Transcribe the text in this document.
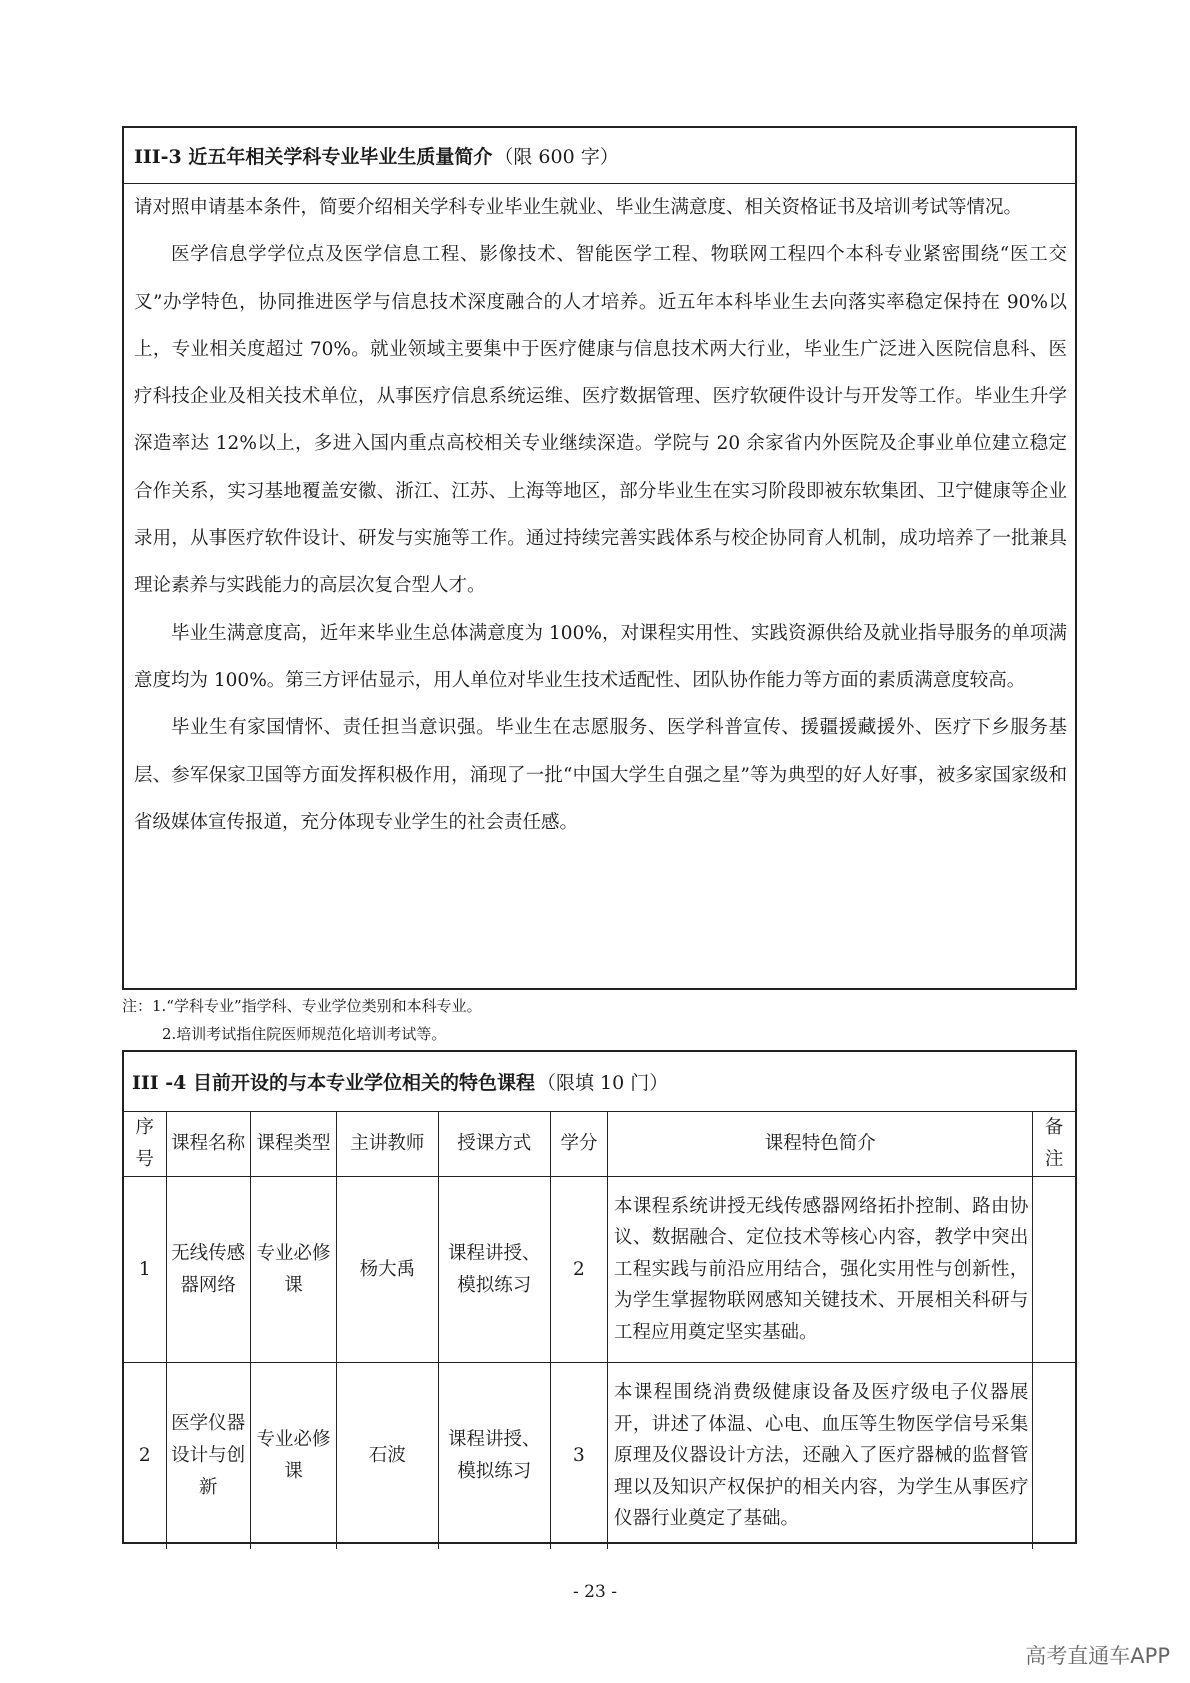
III-3 近五年相关学科专业毕业生质量简介 （限 600 字）

请对照申请基本条件，简要介绍相关学科专业毕业生就业、毕业生满意度、相关资格证书及培训考试等情况。

医学信息学学位点及医学信息工程、影像技术、智能医学工程、物联网工程四个本科专业紧密围绕“医工交叉”办学特色，协同推进医学与信息技术深度融合的人才培养。近五年本科毕业生去向落实率稳定保持在 90%以上，专业相关度超过 70%。就业领域主要集中于医疗健康与信息技术两大行业，毕业生广泛进入医院信息科、医疗科技企业及相关技术单位，从事医疗信息系统运维、医疗数据管理、医疗软硬件设计与开发等工作。毕业生升学深造率达 12%以上，多进入国内重点高校相关专业继续深造。学院与 20 余家省内外医院及企事业单位建立稳定合作关系，实习基地覆盖安徽、浙江、江苏、上海等地区，部分毕业生在实习阶段即被东软集团、卫宁健康等企业录用，从事医疗软件设计、研发与实施等工作。通过持续完善实践体系与校企协同育人机制，成功培养了一批兼具理论素养与实践能力的高层次复合型人才。

毕业生满意度高，近年来毕业生总体满意度为 100%，对课程实用性、实践资源供给及就业指导服务的单项满意度均为 100%。第三方评估显示，用人单位对毕业生技术适配性、团队协作能力等方面的素质满意度较高。

毕业生有家国情怀、责任担当意识强。毕业生在志愿服务、医学科普宣传、援疆援藏援外、医疗下乡服务基层、参军保家卫国等方面发挥积极作用，涌现了一批“中国大学生自强之星”等为典型的好人好事，被多家国家级和省级媒体宣传报道，充分体现专业学生的社会责任感。

注：1.“学科专业”指学科、专业学位类别和本科专业。
2.培训考试指住院医师规范化培训考试等。
III -4 目前开设的与本专业学位相关的特色课程 （限填 10 门）
序号	课程名称	课程类型	主讲教师	授课方式	学分	课程特色简介	备注
1	无线传感器网络	专业必修课	杨大禹	课程讲授、模拟练习	2	本课程系统讲授无线传感器网络拓扑控制、路由协议、数据融合、定位技术等核心内容，教学中突出工程实践与前沿应用结合，强化实用性与创新性，为学生掌握物联网感知关键技术、开展相关科研与工程应用奠定坚实基础。	
2	医学仪器设计与创新	专业必修课	石波	课程讲授、模拟练习	3	本课程围绕消费级健康设备及医疗级电子仪器展开，讲述了体温、心电、血压等生物医学信号采集原理及仪器设计方法，还融入了医疗器械的监督管理以及知识产权保护的相关内容，为学生从事医疗仪器行业奠定了基础。	
- 23 -
高考直通车APP
